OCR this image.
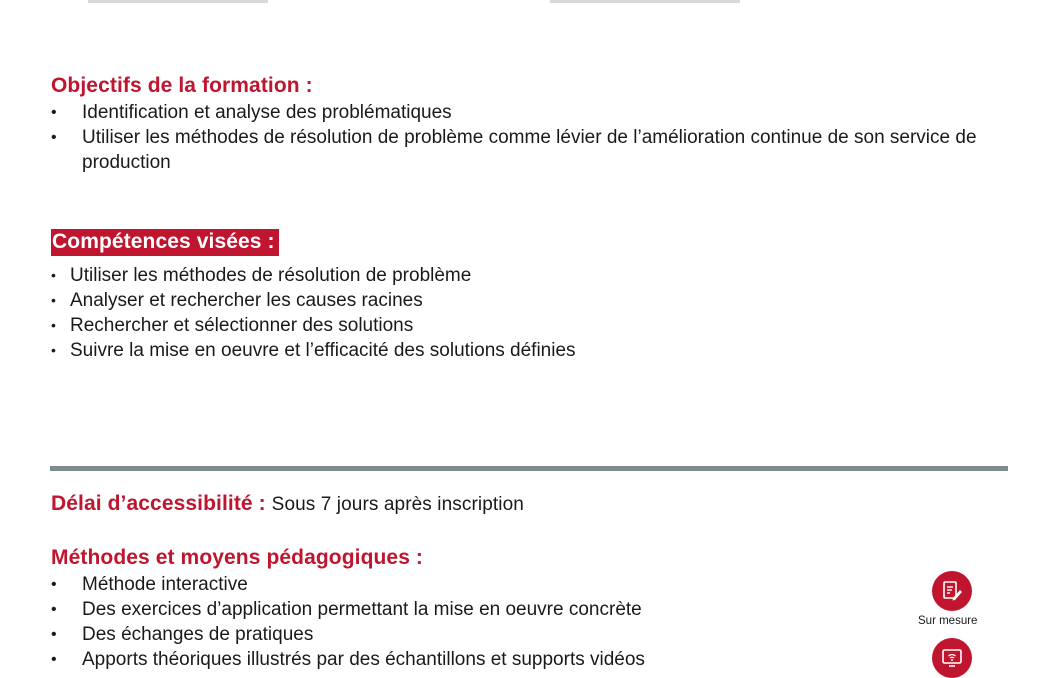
Objectifs de la formation :
• Identification et analyse des problématiques
• Utiliser les méthodes de résolution de problème comme lévier de l’amélioration continue de son service de production
Compétences visées :
• Utiliser les méthodes de résolution de problème
• Analyser et rechercher les causes racines
• Rechercher et sélectionner des solutions
• Suivre la mise en oeuvre et l’efficacité des solutions définies
Délai d’accessibilité : Sous 7 jours après inscription
Méthodes et moyens pédagogiques :
• Méthode interactive
• Des exercices d’application permettant la mise en oeuvre concrète
• Des échanges de pratiques
• Apports théoriques illustrés par des échantillons et supports vidéos
Sur mesure
